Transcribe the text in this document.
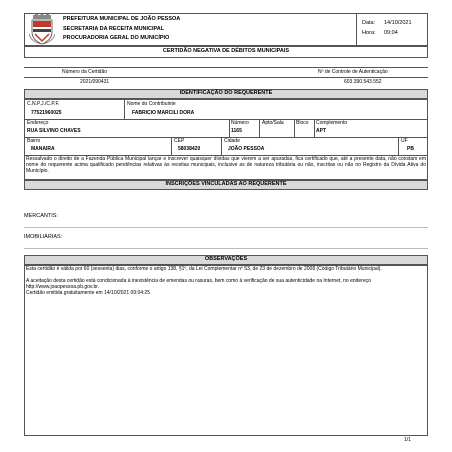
PREFEITURA MUNICIPAL DE JOÃO PESSOA
SECRETARIA DA RECEITA MUNICIPAL
PROCURADORIA GERAL DO MUNICÍPIO
Data: 14/10/2021
Hora: 09:04
CERTIDÃO NEGATIVA DE DÉBITOS MUNICIPAIS
Número da Certidão
2021/090431
Nº de Controle de Autenticação
603.390.543.552
IDENTIFICAÇÃO DO REQUERENTE
C.N.P.J./C.P.F.
77521960025
Nome do Contribuinte
FABRICIO MARCILI DORA
Endereço
RUA SILVINO CHAVES
Número
1165
Apto/Sala Bloco Complemento
APT
Bairro
MANAIRA
CEP
58038420
Cidade
JOÃO PESSOA
UF
PB
Ressalvado o direito de a Fazenda Pública Municipal lançar e inscrever quaisquer dívidas que vierem a ser apuradas, fica certificado que, até a presente data, não constam em nome do requerente acima qualificado pendências relativas às receitas municipais, inclusive as de natureza tributária ou não, inscritas ou não no Registro da Dívida Ativa do Município.
INSCRIÇÕES VINCULADAS AO REQUERENTE
MERCANTIS:
IMOBILIÁRIAS:
OBSERVAÇÕES
Esta certidão é válida por 60 (sessenta) dias, conforme o artigo 138, §1º, da Lei Complementar nº 53, de 23 de dezembro de 2008 (Código Tributário Municipal).
A aceitação desta certidão está condicionada à inexistência de emendas ou rasuras, bem como à verificação de sua autenticidade na Internet, no endereço http://www.joaopessoa.pb.gov.br.
Certidão emitida gratuitamente em 14/10/2021 09:04:25
1/1
